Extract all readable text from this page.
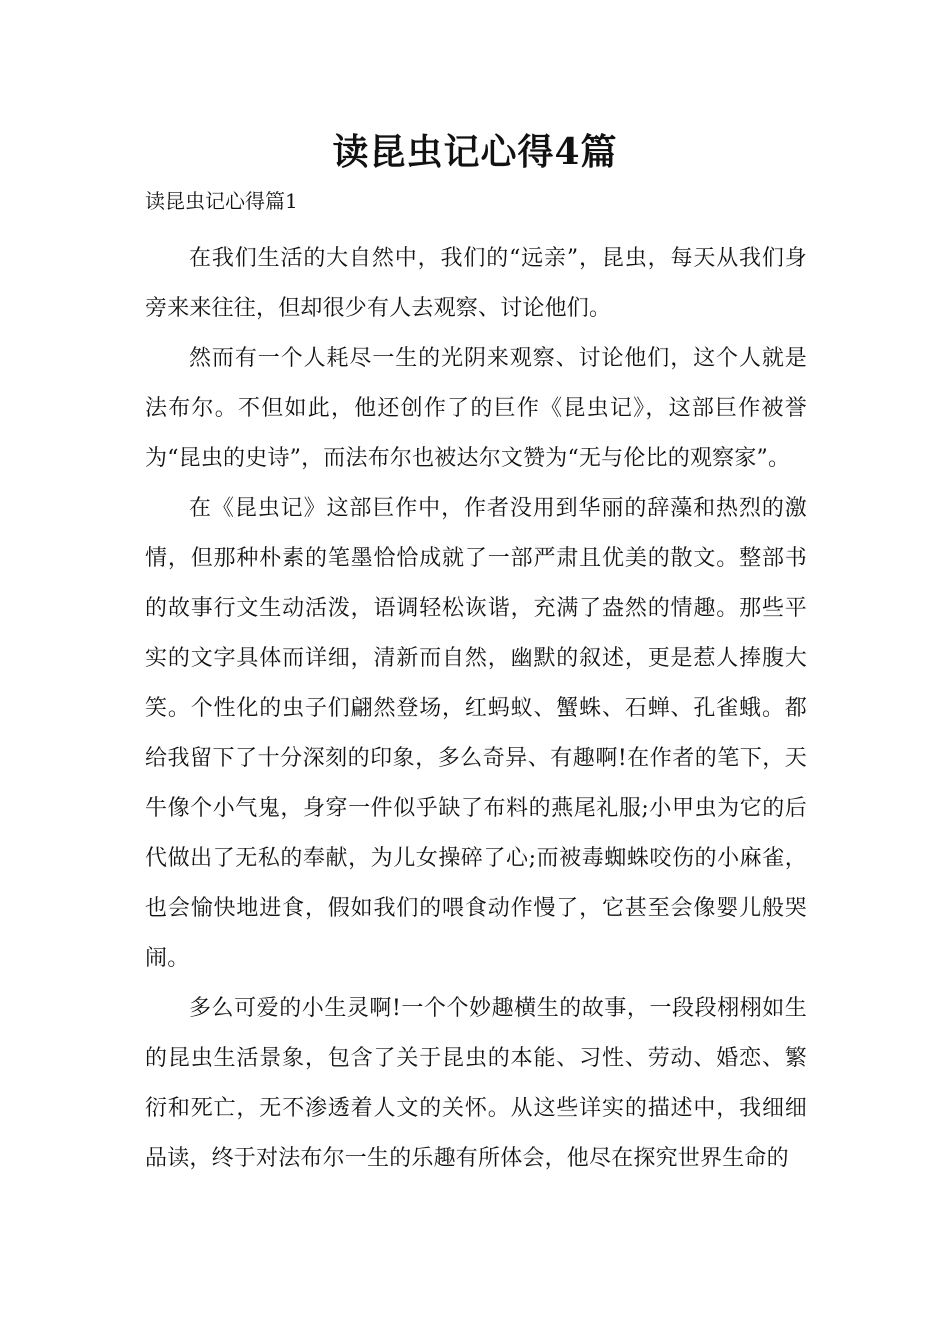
读昆虫记心得4篇

读昆虫记心得篇1

在我们生活的大自然中，我们的“远亲”，昆虫，每天从我们身旁来来往往，但却很少有人去观察、讨论他们。

然而有一个人耗尽一生的光阴来观察、讨论他们，这个人就是法布尔。不但如此，他还创作了的巨作《昆虫记》，这部巨作被誉为“昆虫的史诗”，而法布尔也被达尔文赞为“无与伦比的观察家”。

在《昆虫记》这部巨作中，作者没用到华丽的辞藻和热烈的激情，但那种朴素的笔墨恰恰成就了一部严肃且优美的散文。整部书的故事行文生动活泼，语调轻松诙谐，充满了盎然的情趣。那些平实的文字具体而详细，清新而自然，幽默的叙述，更是惹人捧腹大笑。个性化的虫子们翩然登场，红蚂蚁、蟹蛛、石蝉、孔雀蛾。都给我留下了十分深刻的印象，多么奇异、有趣啊!在作者的笔下，天牛像个小气鬼，身穿一件似乎缺了布料的燕尾礼服;小甲虫为它的后代做出了无私的奉献，为儿女操碎了心;而被毒蜘蛛咬伤的小麻雀，也会愉快地进食，假如我们的喂食动作慢了，它甚至会像婴儿般哭闹。

多么可爱的小生灵啊!一个个妙趣横生的故事，一段段栩栩如生的昆虫生活景象，包含了关于昆虫的本能、习性、劳动、婚恋、繁衍和死亡，无不渗透着人文的关怀。从这些详实的描述中，我细细品读，终于对法布尔一生的乐趣有所体会，他尽在探究世界生命的
